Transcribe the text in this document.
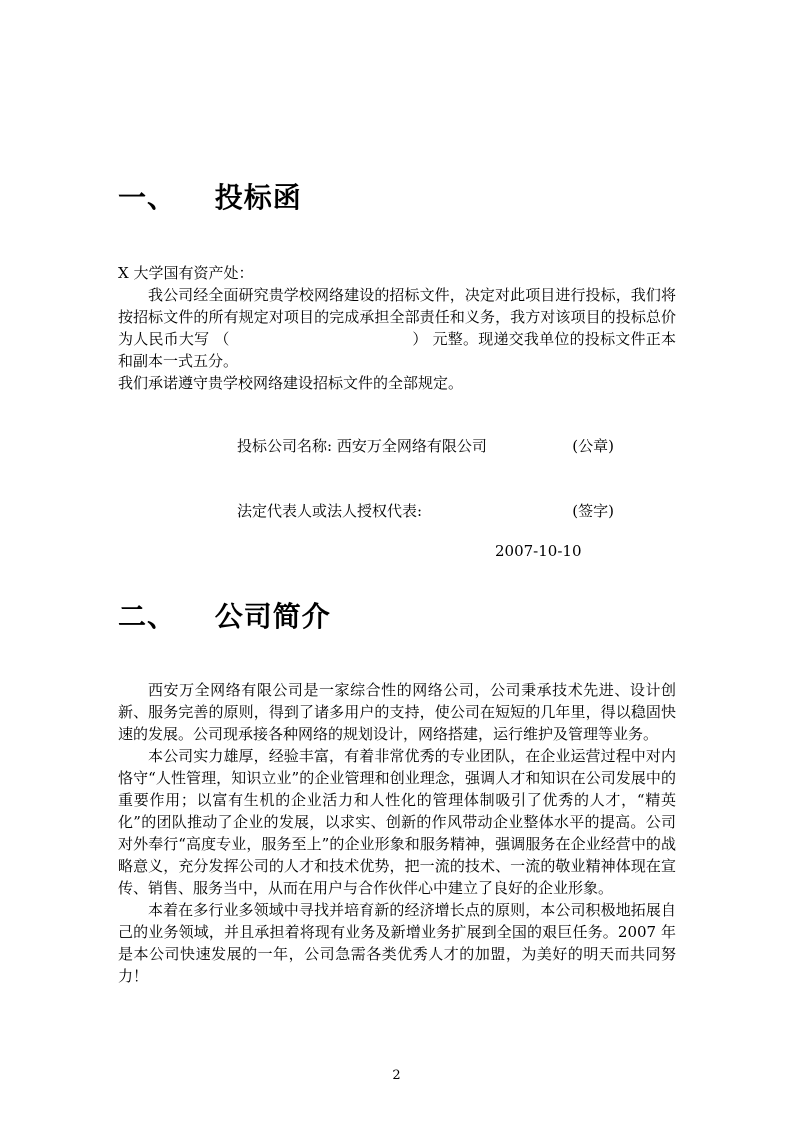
一、 投标函

X 大学国有资产处：

我公司经全面研究贵学校网络建设的招标文件，决定对此项目进行投标，我们将按招标文件的所有规定对项目的完成承担全部责任和义务，我方对该项目的投标总价为人民币大写 （　　　　　　　　　　　　） 元整。现递交我单位的投标文件正本和副本一式五分。

我们承诺遵守贵学校网络建设招标文件的全部规定。

投标公司名称: 西安万全网络有限公司	(公章)
法定代表人或法人授权代表:	(签字)

2007-10-10

二、 公司简介

西安万全网络有限公司是一家综合性的网络公司，公司秉承技术先进、设计创新、服务完善的原则，得到了诸多用户的支持，使公司在短短的几年里，得以稳固快速的发展。公司现承接各种网络的规划设计，网络搭建，运行维护及管理等业务。

本公司实力雄厚，经验丰富，有着非常优秀的专业团队，在企业运营过程中对内恪守“人性管理，知识立业”的企业管理和创业理念，强调人才和知识在公司发展中的重要作用；以富有生机的企业活力和人性化的管理体制吸引了优秀的人才，“精英化”的团队推动了企业的发展，以求实、创新的作风带动企业整体水平的提高。公司对外奉行“高度专业，服务至上”的企业形象和服务精神，强调服务在企业经营中的战略意义，充分发挥公司的人才和技术优势，把一流的技术、一流的敬业精神体现在宣传、销售、服务当中，从而在用户与合作伙伴心中建立了良好的企业形象。

本着在多行业多领域中寻找并培育新的经济增长点的原则，本公司积极地拓展自己的业务领域，并且承担着将现有业务及新增业务扩展到全国的艰巨任务。2007 年是本公司快速发展的一年，公司急需各类优秀人才的加盟，为美好的明天而共同努力！

2
